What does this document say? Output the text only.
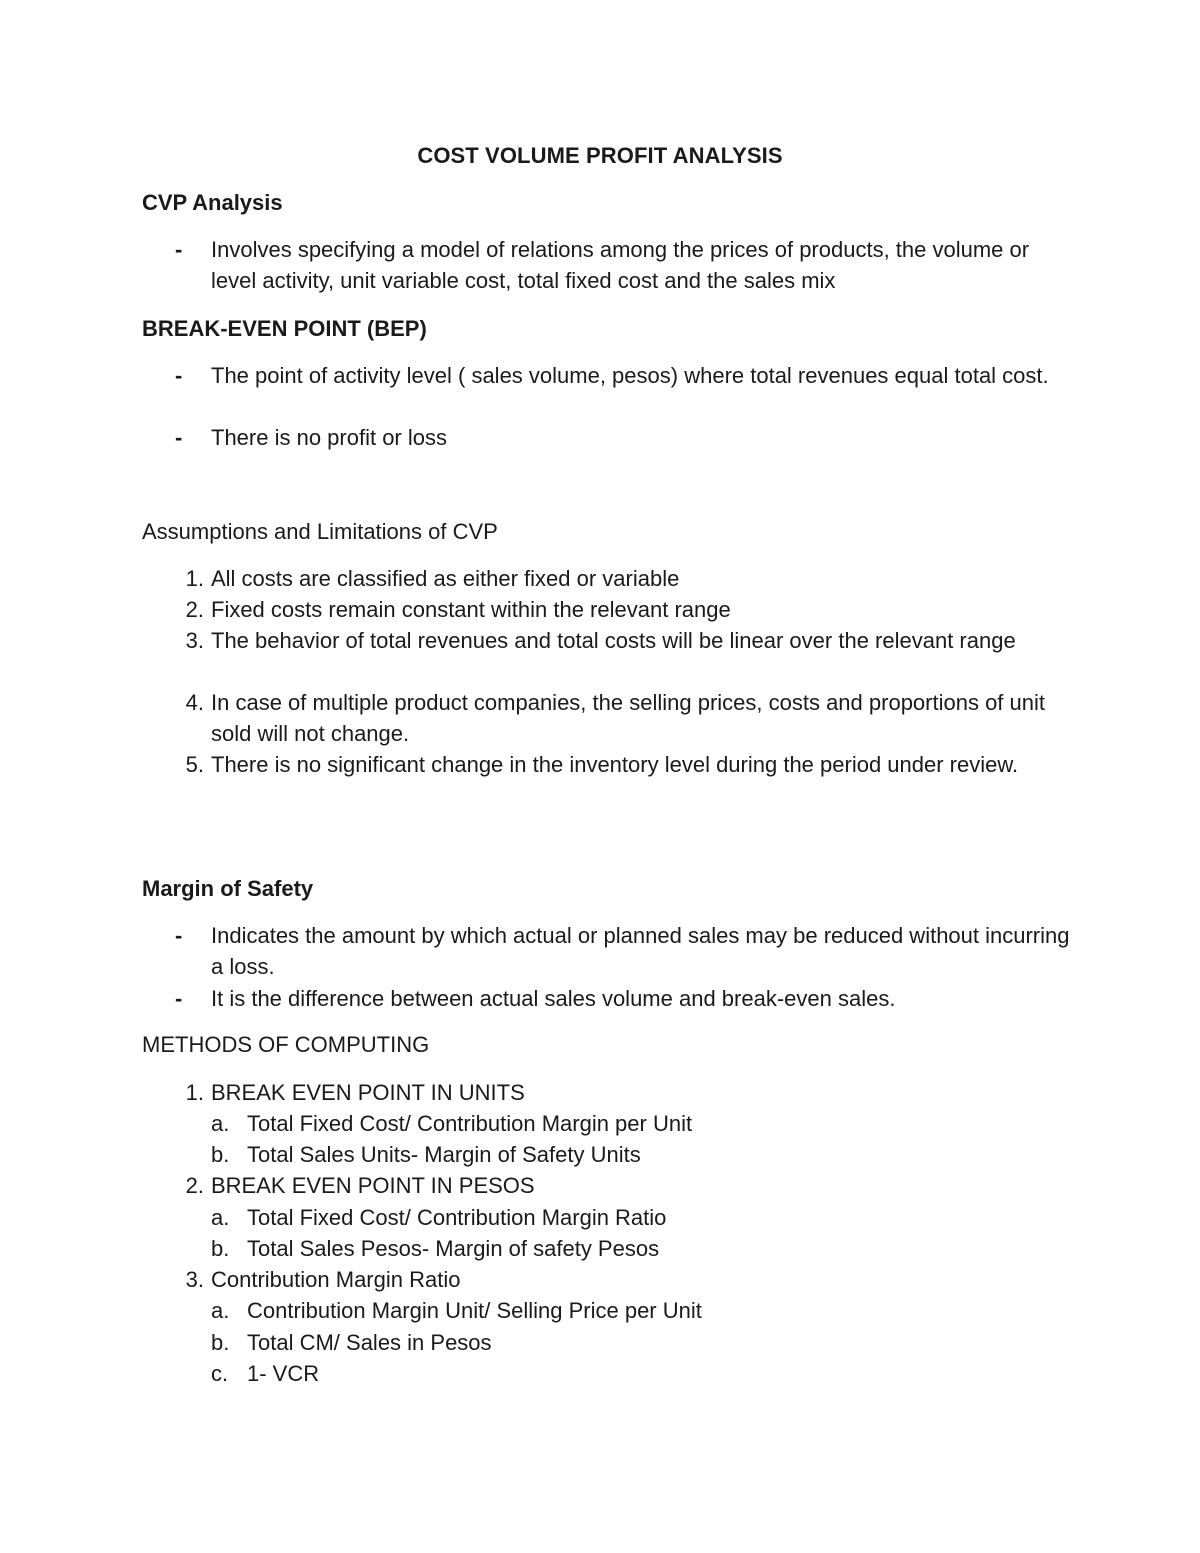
COST VOLUME PROFIT ANALYSIS
CVP Analysis
- Involves specifying a model of relations among the prices of products, the volume or level activity, unit variable cost, total fixed cost and the sales mix
BREAK-EVEN POINT (BEP)
- The point of activity level ( sales volume, pesos) where total revenues equal total cost.
- There is no profit or loss
Assumptions and Limitations of CVP
1. All costs are classified as either fixed or variable
2. Fixed costs remain constant within the relevant range
3. The behavior of total revenues and total costs will be linear over the relevant range
4. In case of multiple product companies, the selling prices, costs and proportions of unit sold will not change.
5. There is no significant change in the inventory level during the period under review.
Margin of Safety
- Indicates the amount by which actual or planned sales may be reduced without incurring a loss.
- It is the difference between actual sales volume and break-even sales.
METHODS OF COMPUTING
1. BREAK EVEN POINT IN UNITS
a. Total Fixed Cost/ Contribution Margin per Unit
b. Total Sales Units- Margin of Safety Units
2. BREAK EVEN POINT IN PESOS
a. Total Fixed Cost/ Contribution Margin Ratio
b. Total Sales Pesos- Margin of safety Pesos
3. Contribution Margin Ratio
a. Contribution Margin Unit/ Selling Price per Unit
b. Total CM/ Sales in Pesos
c. 1- VCR
